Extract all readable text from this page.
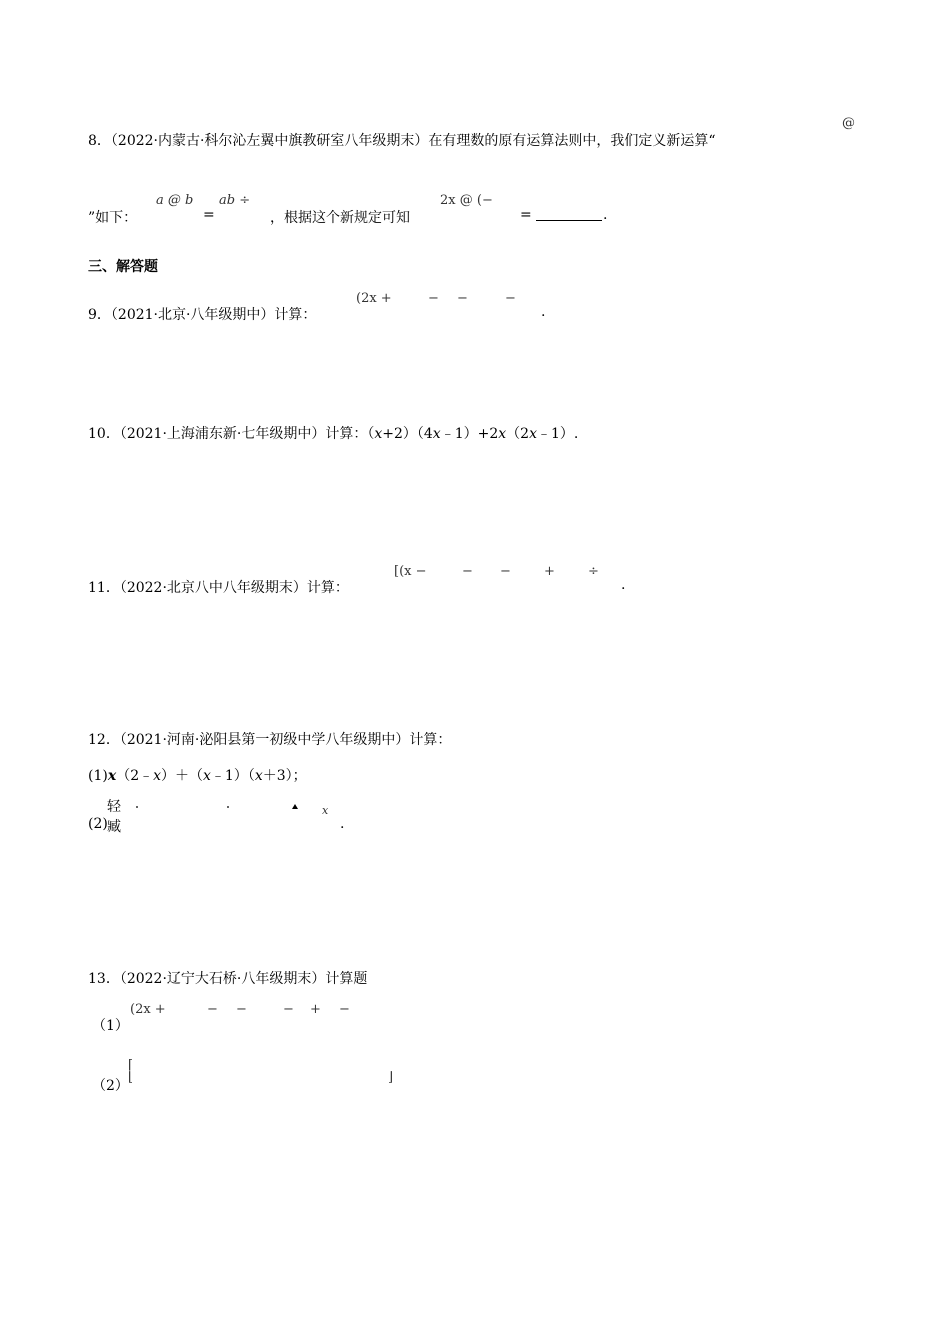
8．（2022·内蒙古·科尔沁左翼中旗教研室八年级期末）在有理数的原有运算法则中，我们定义新运算“
@
”如下：
a @ b
=
ab ÷
，根据这个新规定可知
2x @ (−
=	.
三、解答题
9．（2021·北京·八年级期中）计算：
(2x +	− −	−
.
10．（2021·上海浦东新·七年级期中）计算：（x+2）（4x﹣1）+2x（2x﹣1）.
11．（2022·北京八中八年级期末）计算：
[(x −	− −	+	÷
.
12．（2021·河南·泌阳县第一初级中学八年级期中）计算：
(1)x（2﹣x）＋（x﹣1）（x＋3）；
(2)
轻
臧
x
.
13．（2022·辽宁大石桥·八年级期末）计算题
（1）
(2x +	− −	− + −
（2）
⌈
⌊	⌋
